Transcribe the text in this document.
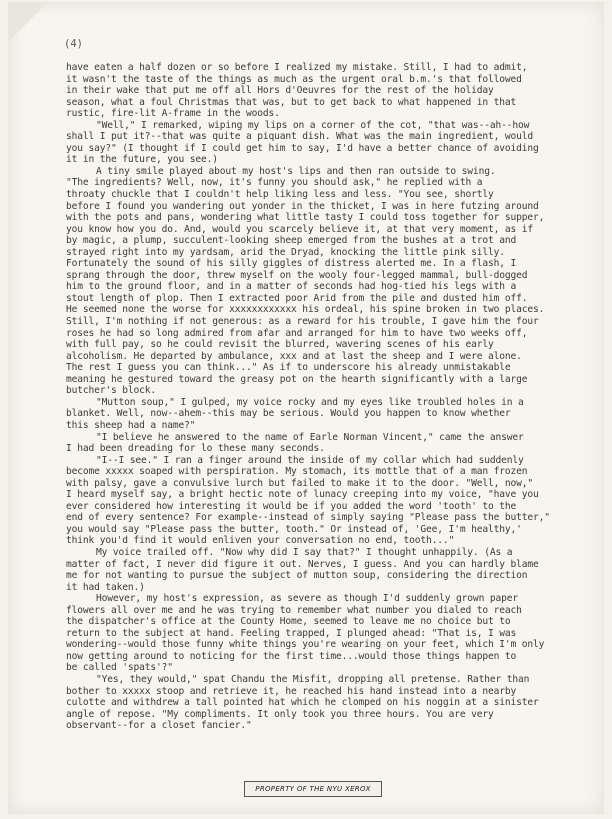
(4)
have eaten a half dozen or so before I realized my mistake. Still, I had to admit,
it wasn't the taste of the things as much as the urgent oral b.m.'s that followed
in their wake that put me off all Hors d'Oeuvres for the rest of the holiday
season, what a foul Christmas that was, but to get back to what happened in that
rustic, fire-lit A-frame in the woods.
"Well," I remarked, wiping my lips on a corner of the cot, "that was--ah--how
shall I put it?--that was quite a piquant dish. What was the main ingredient, would
you say?" (I thought if I could get him to say, I'd have a better chance of avoiding
it in the future, you see.)
A tiny smile played about my host's lips and then ran outside to swing.
"The ingredients? Well, now, it's funny you should ask," he replied with a
throaty chuckle that I couldn't help liking less and less. "You see, shortly
before I found you wandering out yonder in the thicket, I was in here futzing around
with the pots and pans, wondering what little tasty I could toss together for supper,
you know how you do. And, would you scarcely believe it, at that very moment, as if
by magic, a plump, succulent-looking sheep emerged from the bushes at a trot and
strayed right into my yardsam, arid the Dryad, knocking the little pink silly.
Fortunately the sound of his silly giggles of distress alerted me. In a flash, I
sprang through the door, threw myself on the wooly four-legged mammal, bull-dogged
him to the ground floor, and in a matter of seconds had hog-tied his legs with a
stout length of plop. Then I extracted poor Arid from the pile and dusted him off.
He seemed none the worse for xxxxxxxxxxxx his ordeal, his spine broken in two places.
Still, I'm nothing if not generous: as a reward for his trouble, I gave him the four
roses he had so long admired from afar and arranged for him to have two weeks off,
with full pay, so he could revisit the blurred, wavering scenes of his early
alcoholism. He departed by ambulance, xxx and at last the sheep and I were alone.
The rest I guess you can think..." As if to underscore his already unmistakable
meaning he gestured toward the greasy pot on the hearth significantly with a large
butcher's block.
"Mutton soup," I gulped, my voice rocky and my eyes like troubled holes in a
blanket. Well, now--ahem--this may be serious. Would you happen to know whether
this sheep had a name?"
"I believe he answered to the name of Earle Norman Vincent," came the answer
I had been dreading for lo these many seconds.
"I--I see." I ran a finger around the inside of my collar which had suddenly
become xxxxx soaped with perspiration. My stomach, its mottle that of a man frozen
with palsy, gave a convulsive lurch but failed to make it to the door. "Well, now,"
I heard myself say, a bright hectic note of lunacy creeping into my voice, "have you
ever considered how interesting it would be if you added the word 'tooth' to the
end of every sentence? For example--instead of simply saying "Please pass the butter,"
you would say "Please pass the butter, tooth." Or instead of, 'Gee, I'm healthy,'
think you'd find it would enliven your conversation no end, tooth..."
My voice trailed off. "Now why did I say that?" I thought unhappily. (As a
matter of fact, I never did figure it out. Nerves, I guess. And you can hardly blame
me for not wanting to pursue the subject of mutton soup, considering the direction
it had taken.)
However, my host's expression, as severe as though I'd suddenly grown paper
flowers all over me and he was trying to remember what number you dialed to reach
the dispatcher's office at the County Home, seemed to leave me no choice but to
return to the subject at hand. Feeling trapped, I plunged ahead: "That is, I was
wondering--would those funny white things you're wearing on your feet, which I'm only
now getting around to noticing for the first time...would those things happen to
be called 'spats'?"
"Yes, they would," spat Chandu the Misfit, dropping all pretense. Rather than
bother to xxxxx stoop and retrieve it, he reached his hand instead into a nearby
culotte and withdrew a tall pointed hat which he clomped on his noggin at a sinister
angle of repose. "My compliments. It only took you three hours. You are very
observant--for a closet fancier."
PROPERTY OF THE NYU XEROX
